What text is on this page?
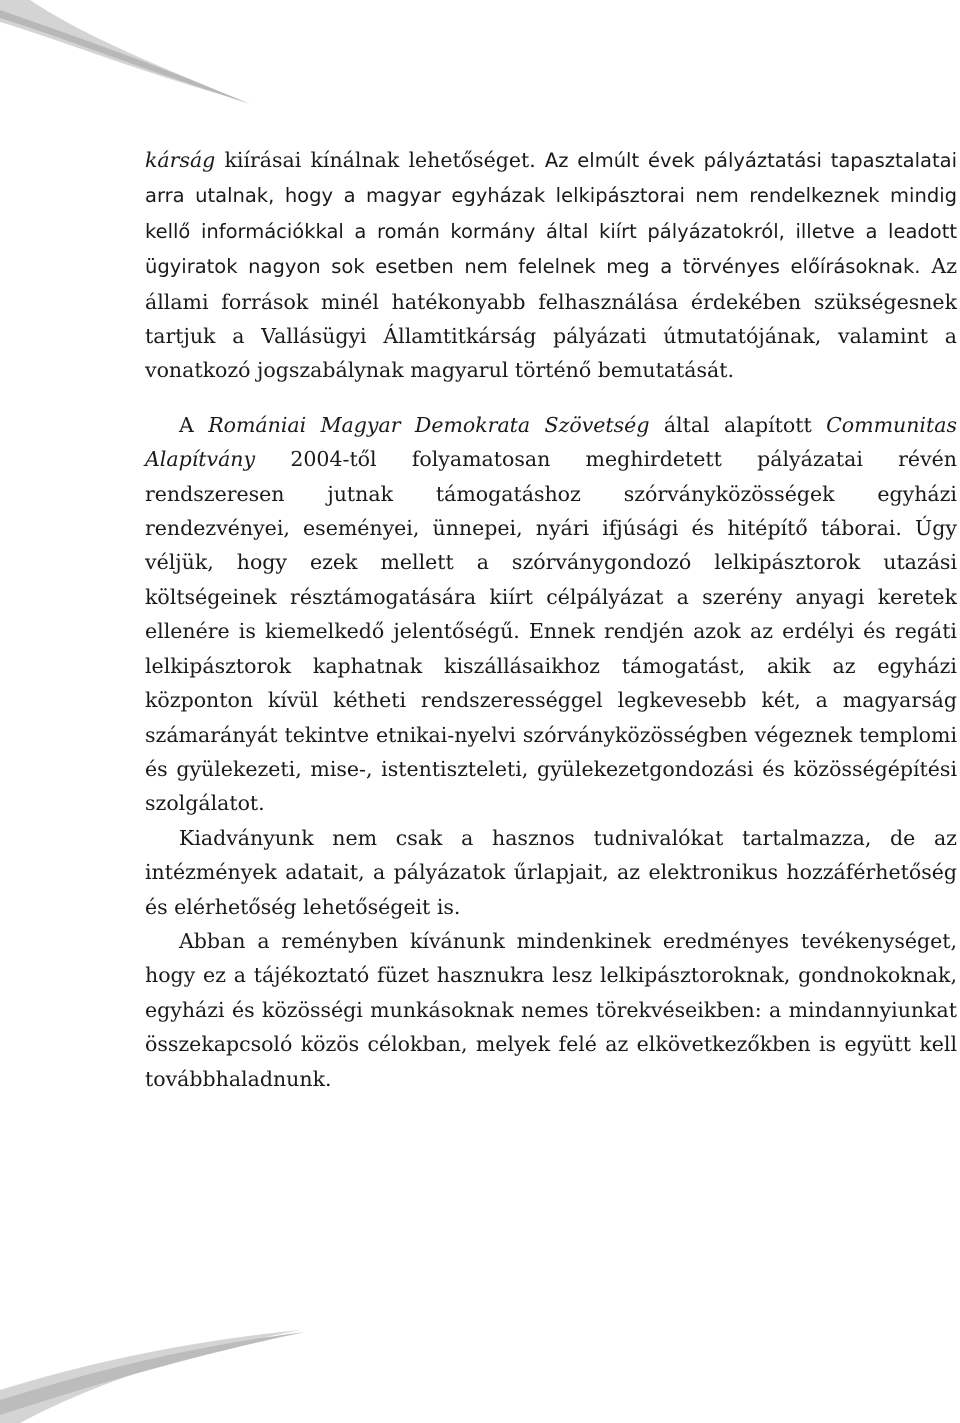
kárság kiírásai kínálnak lehetőséget. Az elmúlt évek pályáztatási tapasztalatai arra utalnak, hogy a magyar egyházak lelkipásztorai nem rendelkeznek mindig kellő információkkal a román kormány által kiírt pályázatokról, illetve a leadott ügyiratok nagyon sok esetben nem felelnek meg a törvényes előírásoknak. Az állami források minél hatékonyabb felhasználása érdekében szükségesnek tartjuk a Vallásügyi Államtitkárság pályázati útmutatójának, valamint a vonatkozó jogszabálynak magyarul történő bemutatását.

A Romániai Magyar Demokrata Szövetség által alapított Communitas Alapítvány 2004-től folyamatosan meghirdetett pályázatai révén rendszeresen jutnak támogatáshoz szórványközösségek egyházi rendezvényei, eseményei, ünnepei, nyári ifjúsági és hitépítő táborai. Úgy véljük, hogy ezek mellett a szórványgondozó lelkipásztorok utazási költségeinek résztámogatására kiírt célpályázat a szerény anyagi keretek ellenére is kiemelkedő jelentőségű. Ennek rendjén azok az erdélyi és regáti lelkipásztorok kaphatnak kiszállásaikhoz támogatást, akik az egyházi központon kívül kétheti rendszerességgel legkevesebb két, a magyarság számarányát tekintve etnikai-nyelvi szórványközösségben végeznek templomi és gyülekezeti, mise-, istentiszteleti, gyülekezetgondozási és közösségépítési szolgálatot.

Kiadványunk nem csak a hasznos tudnivalókat tartalmazza, de az intézmények adatait, a pályázatok űrlapjait, az elektronikus hozzáférhetőség és elérhetőség lehetőségeit is.

Abban a reményben kívánunk mindenkinek eredményes tevékenységet, hogy ez a tájékoztató füzet hasznukra lesz lelkipásztoroknak, gondnokoknak, egyházi és közösségi munkásoknak nemes törekvéseikben: a mindannyiunkat összekapcsoló közös célokban, melyek felé az elkövetkezőkben is együtt kell továbbhaladnunk.
